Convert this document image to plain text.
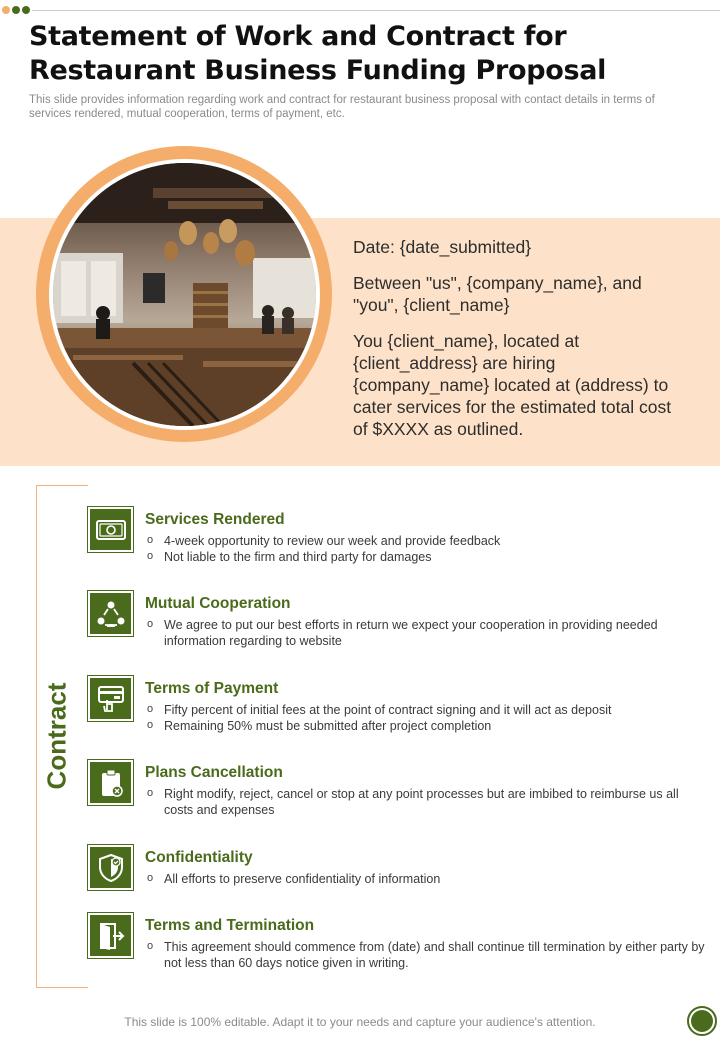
Statement of Work and Contract for Restaurant Business Funding Proposal

This slide provides information regarding work and contract for restaurant business proposal with contact details in terms of services rendered, mutual cooperation, terms of payment, etc.

Date: {date_submitted}

Between "us", {company_name}, and "you", {client_name}

You {client_name}, located at {client_address} are hiring {company_name} located at (address) to cater services for the estimated total cost of $XXXX as outlined.

Contract
Services Rendered
o 4-week opportunity to review our week and provide feedback
o Not liable to the firm and third party for damages
Mutual Cooperation
o We agree to put our best efforts in return we expect your cooperation in providing needed information regarding to website
Terms of Payment
o Fifty percent of initial fees at the point of contract signing and it will act as deposit
o Remaining 50% must be submitted after project completion
Plans Cancellation
o Right modify, reject, cancel or stop at any point processes but are imbibed to reimburse us all costs and expenses
Confidentiality
o All efforts to preserve confidentiality of information
Terms and Termination
o This agreement should commence from (date) and shall continue till termination by either party by not less than 60 days notice given in writing.
This slide is 100% editable. Adapt it to your needs and capture your audience's attention.
